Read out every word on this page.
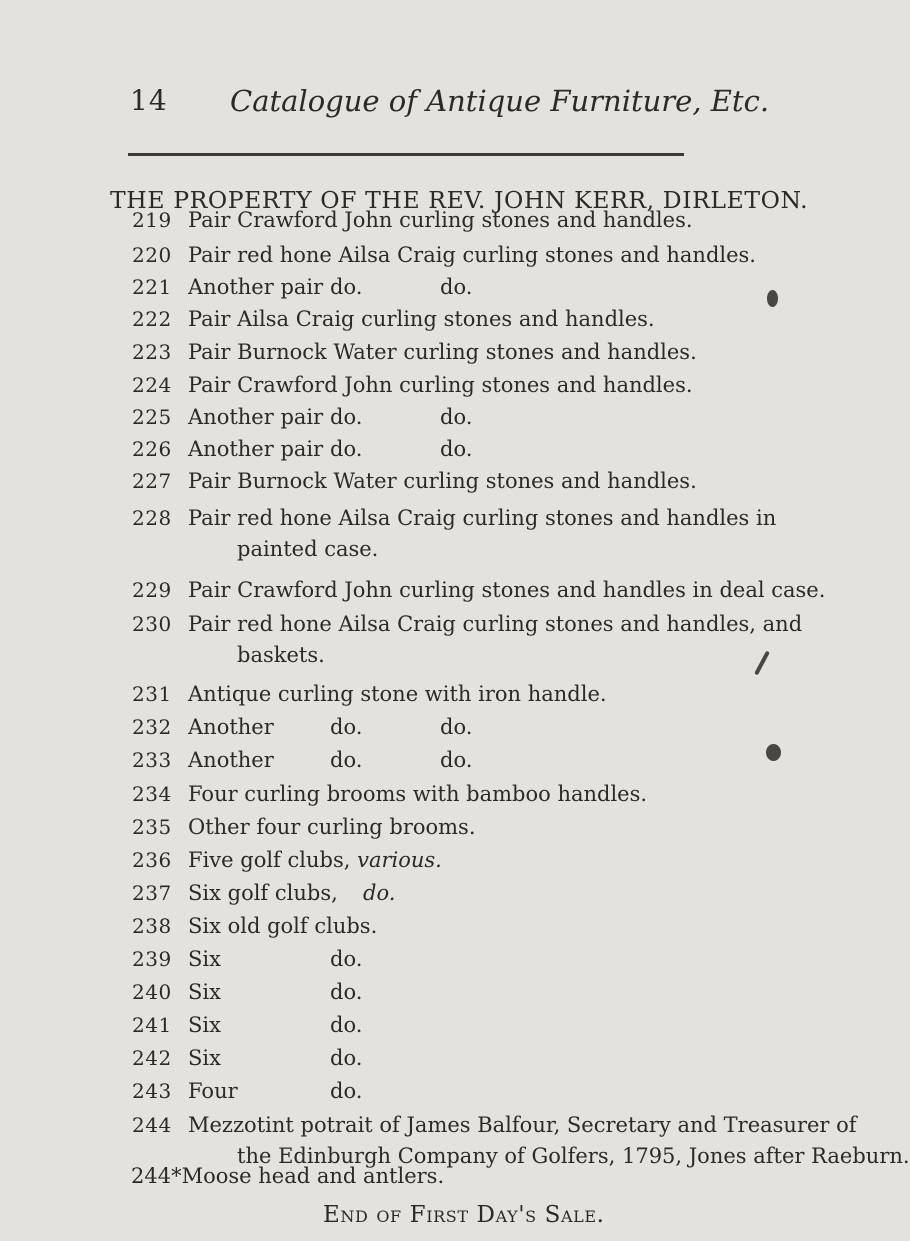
14 Catalogue of Antique Furniture, Etc.
THE PROPERTY OF THE REV. JOHN KERR, DIRLETON.
219 Pair Crawford John curling stones and handles.
220 Pair red hone Ailsa Craig curling stones and handles.
221 Another pair do.	do.
222 Pair Ailsa Craig curling stones and handles.
223 Pair Burnock Water curling stones and handles.
224 Pair Crawford John curling stones and handles.
225 Another pair do.	do.
226 Another pair do.	do.
227 Pair Burnock Water curling stones and handles.
228 Pair red hone Ailsa Craig curling stones and handles in
painted case.
229 Pair Crawford John curling stones and handles in deal case.
230 Pair red hone Ailsa Craig curling stones and handles, and
baskets.
231 Antique curling stone with iron handle.
232 Another	do.	do.
233 Another	do.	do.
234 Four curling brooms with bamboo handles.
235 Other four curling brooms.
236 Five golf clubs, various.
237 Six golf clubs, do.
238 Six old golf clubs.
239 Six	do.
240 Six	do.
241 Six	do.
242 Six	do.
243 Four	do.
244 Mezzotint potrait of James Balfour, Secretary and Treasurer of
the Edinburgh Company of Golfers, 1795, Jones after Raeburn.
244*Moose head and antlers.
End of First Day's Sale.
